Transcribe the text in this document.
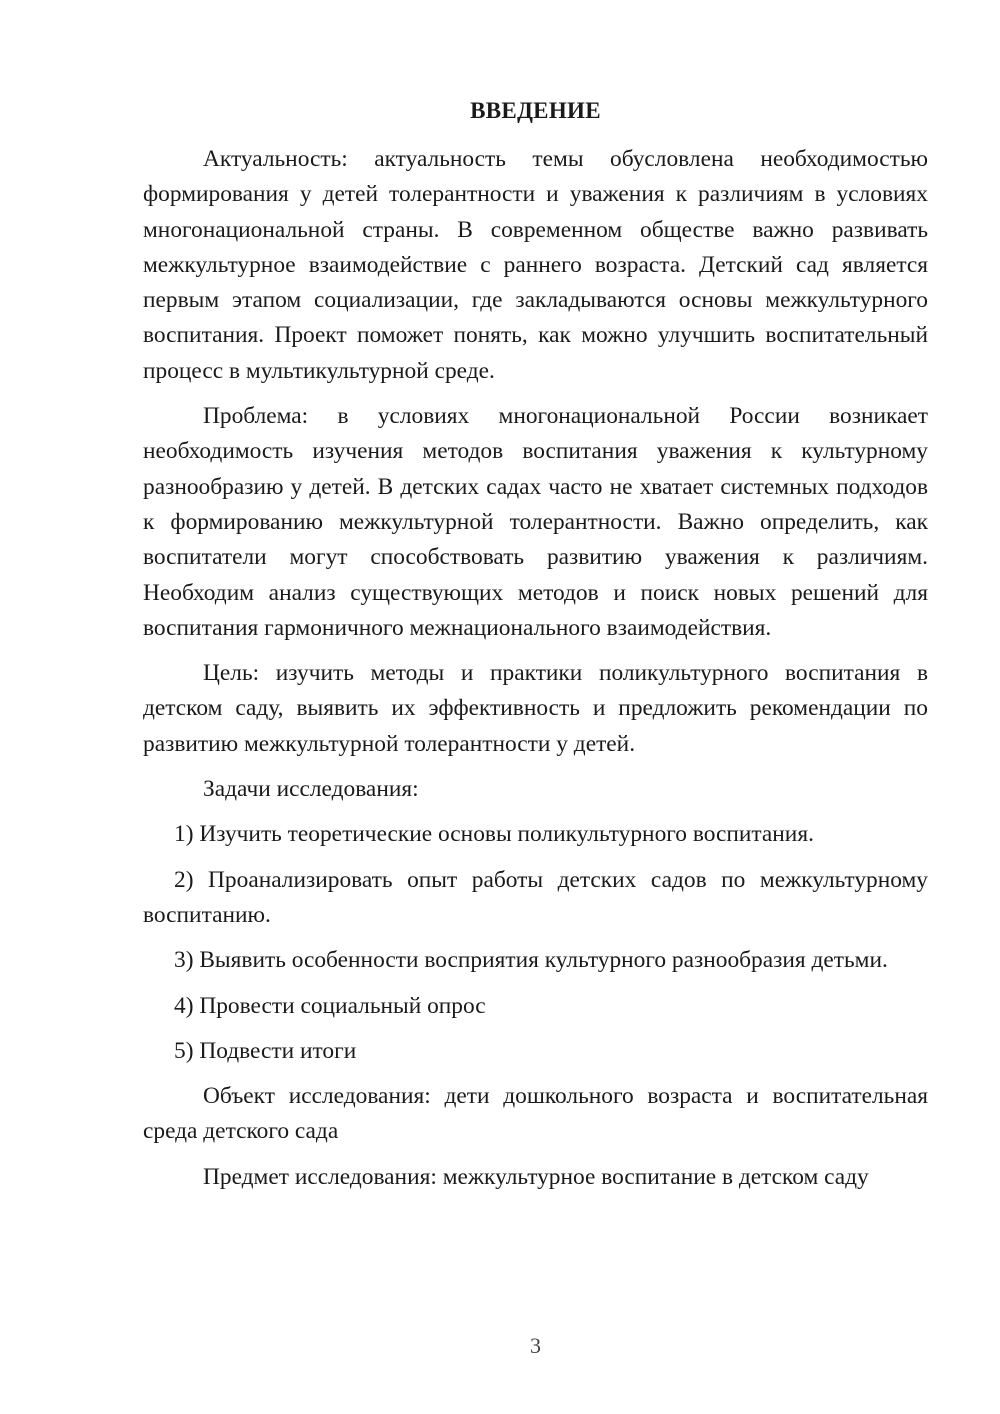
ВВЕДЕНИЕ

Актуальность: актуальность темы обусловлена необходимостью формирования у детей толерантности и уважения к различиям в условиях многонациональной страны. В современном обществе важно развивать межкультурное взаимодействие с раннего возраста. Детский сад является первым этапом социализации, где закладываются основы межкультурного воспитания. Проект поможет понять, как можно улучшить воспитательный процесс в мультикультурной среде.

Проблема: в условиях многонациональной России возникает необходимость изучения методов воспитания уважения к культурному разнообразию у детей. В детских садах часто не хватает системных подходов к формированию межкультурной толерантности. Важно определить, как воспитатели могут способствовать развитию уважения к различиям. Необходим анализ существующих методов и поиск новых решений для воспитания гармоничного межнационального взаимодействия.

Цель: изучить методы и практики поликультурного воспитания в детском саду, выявить их эффективность и предложить рекомендации по развитию межкультурной толерантности у детей.

Задачи исследования:

1) Изучить теоретические основы поликультурного воспитания.

2) Проанализировать опыт работы детских садов по межкультурному воспитанию.

3) Выявить особенности восприятия культурного разнообразия детьми.

4) Провести социальный опрос

5) Подвести итоги

Объект исследования: дети дошкольного возраста и воспитательная среда детского сада

Предмет исследования: межкультурное воспитание в детском саду

3
